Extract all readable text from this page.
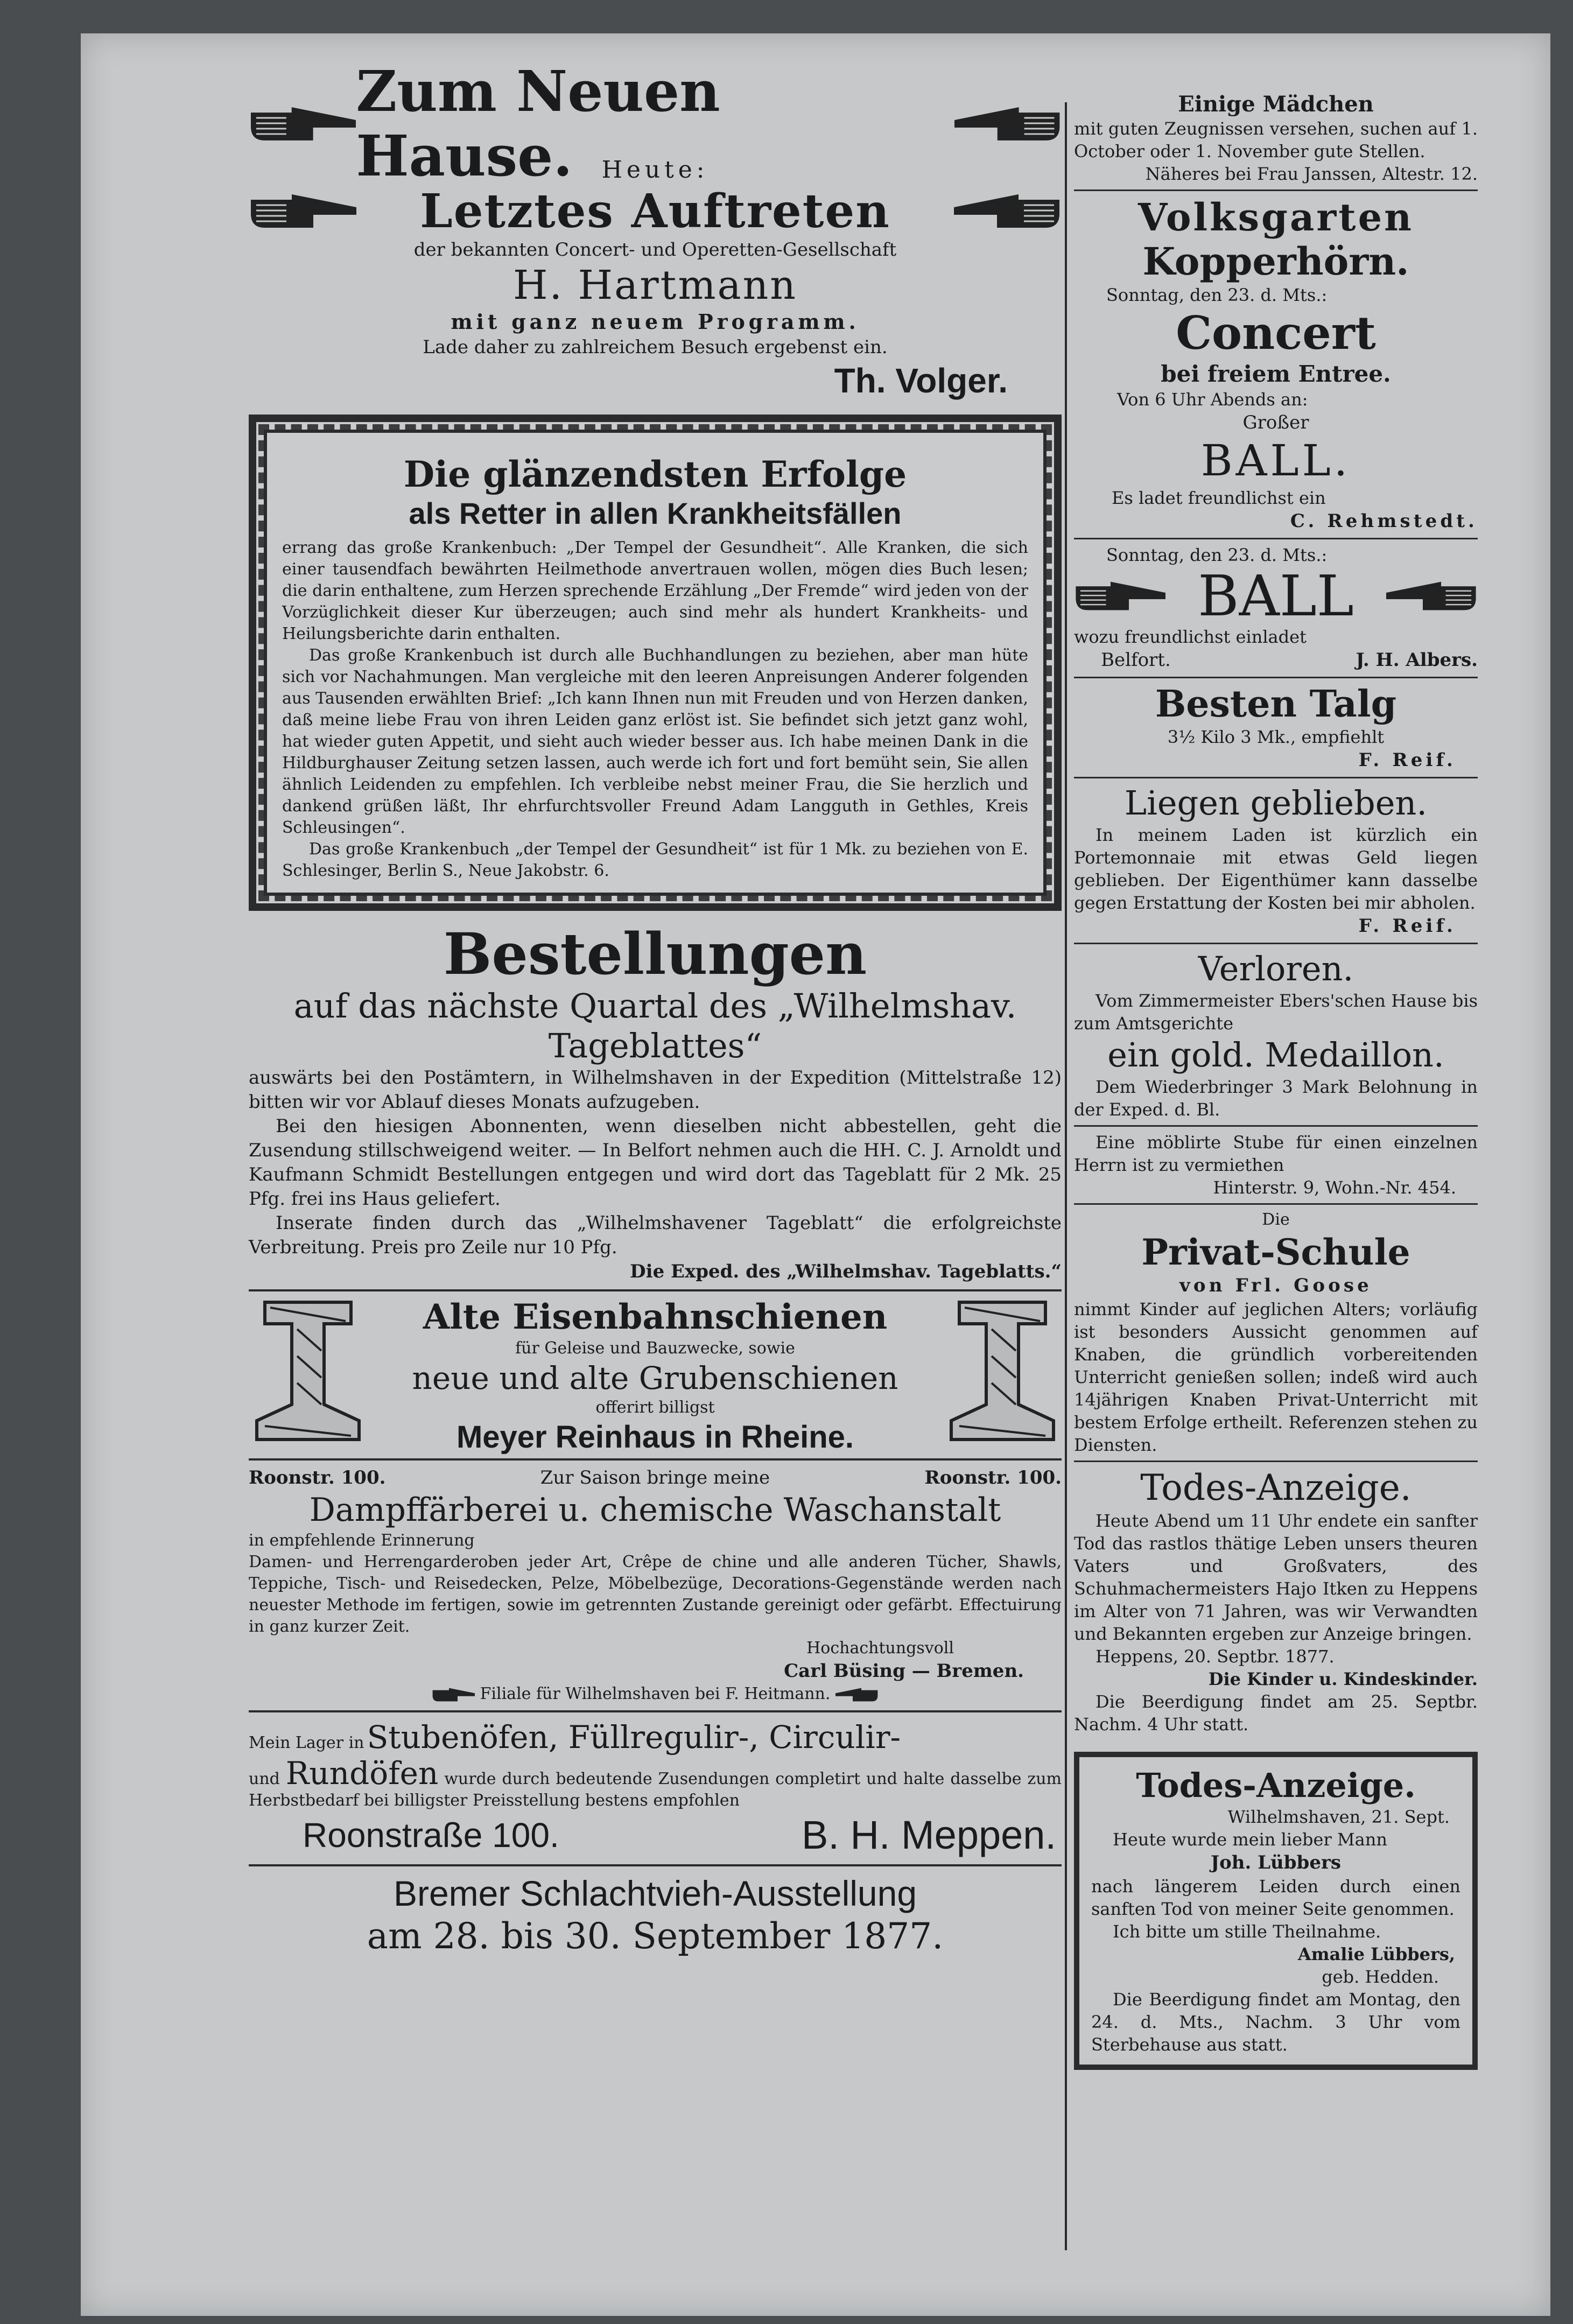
Zum Neuen Hause.	Heute:
Letztes Auftreten
der bekannten Concert- und Operetten-Gesellschaft
H. Hartmann
mit ganz neuem Programm.
Lade daher zu zahlreichem Besuch ergebenst ein.
Th. Volger.
Die glänzendsten Erfolge
als Retter in allen Krankheitsfällen

errang das große Krankenbuch: „Der Tempel der Gesundheit“. Alle Kranken, die sich einer tausendfach bewährten Heilmethode anvertrauen wollen, mögen dies Buch lesen; die darin enthaltene, zum Herzen sprechende Erzählung „Der Fremde“ wird jeden von der Vorzüglichkeit dieser Kur überzeugen; auch sind mehr als hundert Krankheits- und Heilungsberichte darin enthalten.

Das große Krankenbuch ist durch alle Buchhandlungen zu beziehen, aber man hüte sich vor Nachahmungen. Man vergleiche mit den leeren Anpreisungen Anderer folgenden aus Tausenden erwählten Brief: „Ich kann Ihnen nun mit Freuden und von Herzen danken, daß meine liebe Frau von ihren Leiden ganz erlöst ist. Sie befindet sich jetzt ganz wohl, hat wieder guten Appetit, und sieht auch wieder besser aus. Ich habe meinen Dank in die Hildburghauser Zeitung setzen lassen, auch werde ich fort und fort bemüht sein, Sie allen ähnlich Leidenden zu empfehlen. Ich verbleibe nebst meiner Frau, die Sie herzlich und dankend grüßen läßt, Ihr ehrfurchtsvoller Freund Adam Langguth in Gethles, Kreis Schleusingen“.

Das große Krankenbuch „der Tempel der Gesundheit“ ist für 1 Mk. zu beziehen von E. Schlesinger, Berlin S., Neue Jakobstr. 6.

Bestellungen
auf das nächste Quartal des „Wilhelmshav.
Tageblattes“

auswärts bei den Postämtern, in Wilhelmshaven in der Expedition (Mittelstraße 12) bitten wir vor Ablauf dieses Monats aufzugeben.

Bei den hiesigen Abonnenten, wenn dieselben nicht abbestellen, geht die Zusendung stillschweigend weiter. — In Belfort nehmen auch die HH. C. J. Arnoldt und Kaufmann Schmidt Bestellungen entgegen und wird dort das Tageblatt für 2 Mk. 25 Pfg. frei ins Haus geliefert.

Inserate finden durch das „Wilhelmshavener Tageblatt“ die erfolgreichste Verbreitung. Preis pro Zeile nur 10 Pfg.

Die Exped. des „Wilhelmshav. Tageblatts.“
Alte Eisenbahnschienen
für Geleise und Bauzwecke, sowie
neue und alte Grubenschienen
offerirt billigst
Meyer Reinhaus in Rheine.
Roonstr. 100.	Zur Saison bringe meine	Roonstr. 100.
Dampffärberei u. chemische Waschanstalt
in empfehlende Erinnerung

Damen- und Herrengarderoben jeder Art, Crêpe de chine und alle anderen Tücher, Shawls, Teppiche, Tisch- und Reisedecken, Pelze, Möbelbezüge, Decorations-Gegenstände werden nach neuester Methode im fertigen, sowie im getrennten Zustande gereinigt oder gefärbt. Effectuirung in ganz kurzer Zeit.

Hochachtungsvoll
Carl Büsing — Bremen.
Filiale für Wilhelmshaven bei F. Heitmann.
Mein Lager in Stubenöfen, Füllregulir-, Circulir-

und Rundöfen wurde durch bedeutende Zusendungen completirt und halte dasselbe zum Herbstbedarf bei billigster Preisstellung bestens empfohlen

Roonstraße 100.	B. H. Meppen.
Bremer Schlachtvieh-Ausstellung
am 28. bis 30. September 1877.
Einige Mädchen

mit guten Zeugnissen versehen, suchen auf 1. October oder 1. November gute Stellen.

Näheres bei Frau Janssen, Altestr. 12.
Volksgarten
Kopperhörn.
Sonntag, den 23. d. Mts.:
Concert
bei freiem Entree.
Von 6 Uhr Abends an:
Großer
BALL.
Es ladet freundlichst ein
C. Rehmstedt.
Sonntag, den 23. d. Mts.:
BALL
wozu freundlichst einladet
Belfort.	J. H. Albers.
Besten Talg
3½ Kilo 3 Mk., empfiehlt
F. Reif.
Liegen geblieben.

In meinem Laden ist kürzlich ein Portemonnaie mit etwas Geld liegen geblieben. Der Eigenthümer kann dasselbe gegen Erstattung der Kosten bei mir abholen.

F. Reif.
Verloren.

Vom Zimmermeister Ebers'schen Hause bis zum Amtsgerichte

ein gold. Medaillon.

Dem Wiederbringer 3 Mark Belohnung in der Exped. d. Bl.

Eine möblirte Stube für einen einzelnen Herrn ist zu vermiethen

Hinterstr. 9, Wohn.-Nr. 454.
Die
Privat-Schule
von Frl. Goose

nimmt Kinder auf jeglichen Alters; vorläufig ist besonders Aussicht genommen auf Knaben, die gründlich vorbereitenden Unterricht genießen sollen; indeß wird auch 14jährigen Knaben Privat-Unterricht mit bestem Erfolge ertheilt. Referenzen stehen zu Diensten.

Todes-Anzeige.

Heute Abend um 11 Uhr endete ein sanfter Tod das rastlos thätige Leben unsers theuren Vaters und Großvaters, des Schuhmachermeisters Hajo Itken zu Heppens im Alter von 71 Jahren, was wir Verwandten und Bekannten ergeben zur Anzeige bringen.

Heppens, 20. Septbr. 1877.
Die Kinder u. Kindeskinder.

Die Beerdigung findet am 25. Septbr. Nachm. 4 Uhr statt.

Todes-Anzeige.
Wilhelmshaven, 21. Sept.
Heute wurde mein lieber Mann
Joh. Lübbers

nach längerem Leiden durch einen sanften Tod von meiner Seite genommen.

Ich bitte um stille Theilnahme.
Amalie Lübbers,
geb. Hedden.

Die Beerdigung findet am Montag, den 24. d. Mts., Nachm. 3 Uhr vom Sterbehause aus statt.
